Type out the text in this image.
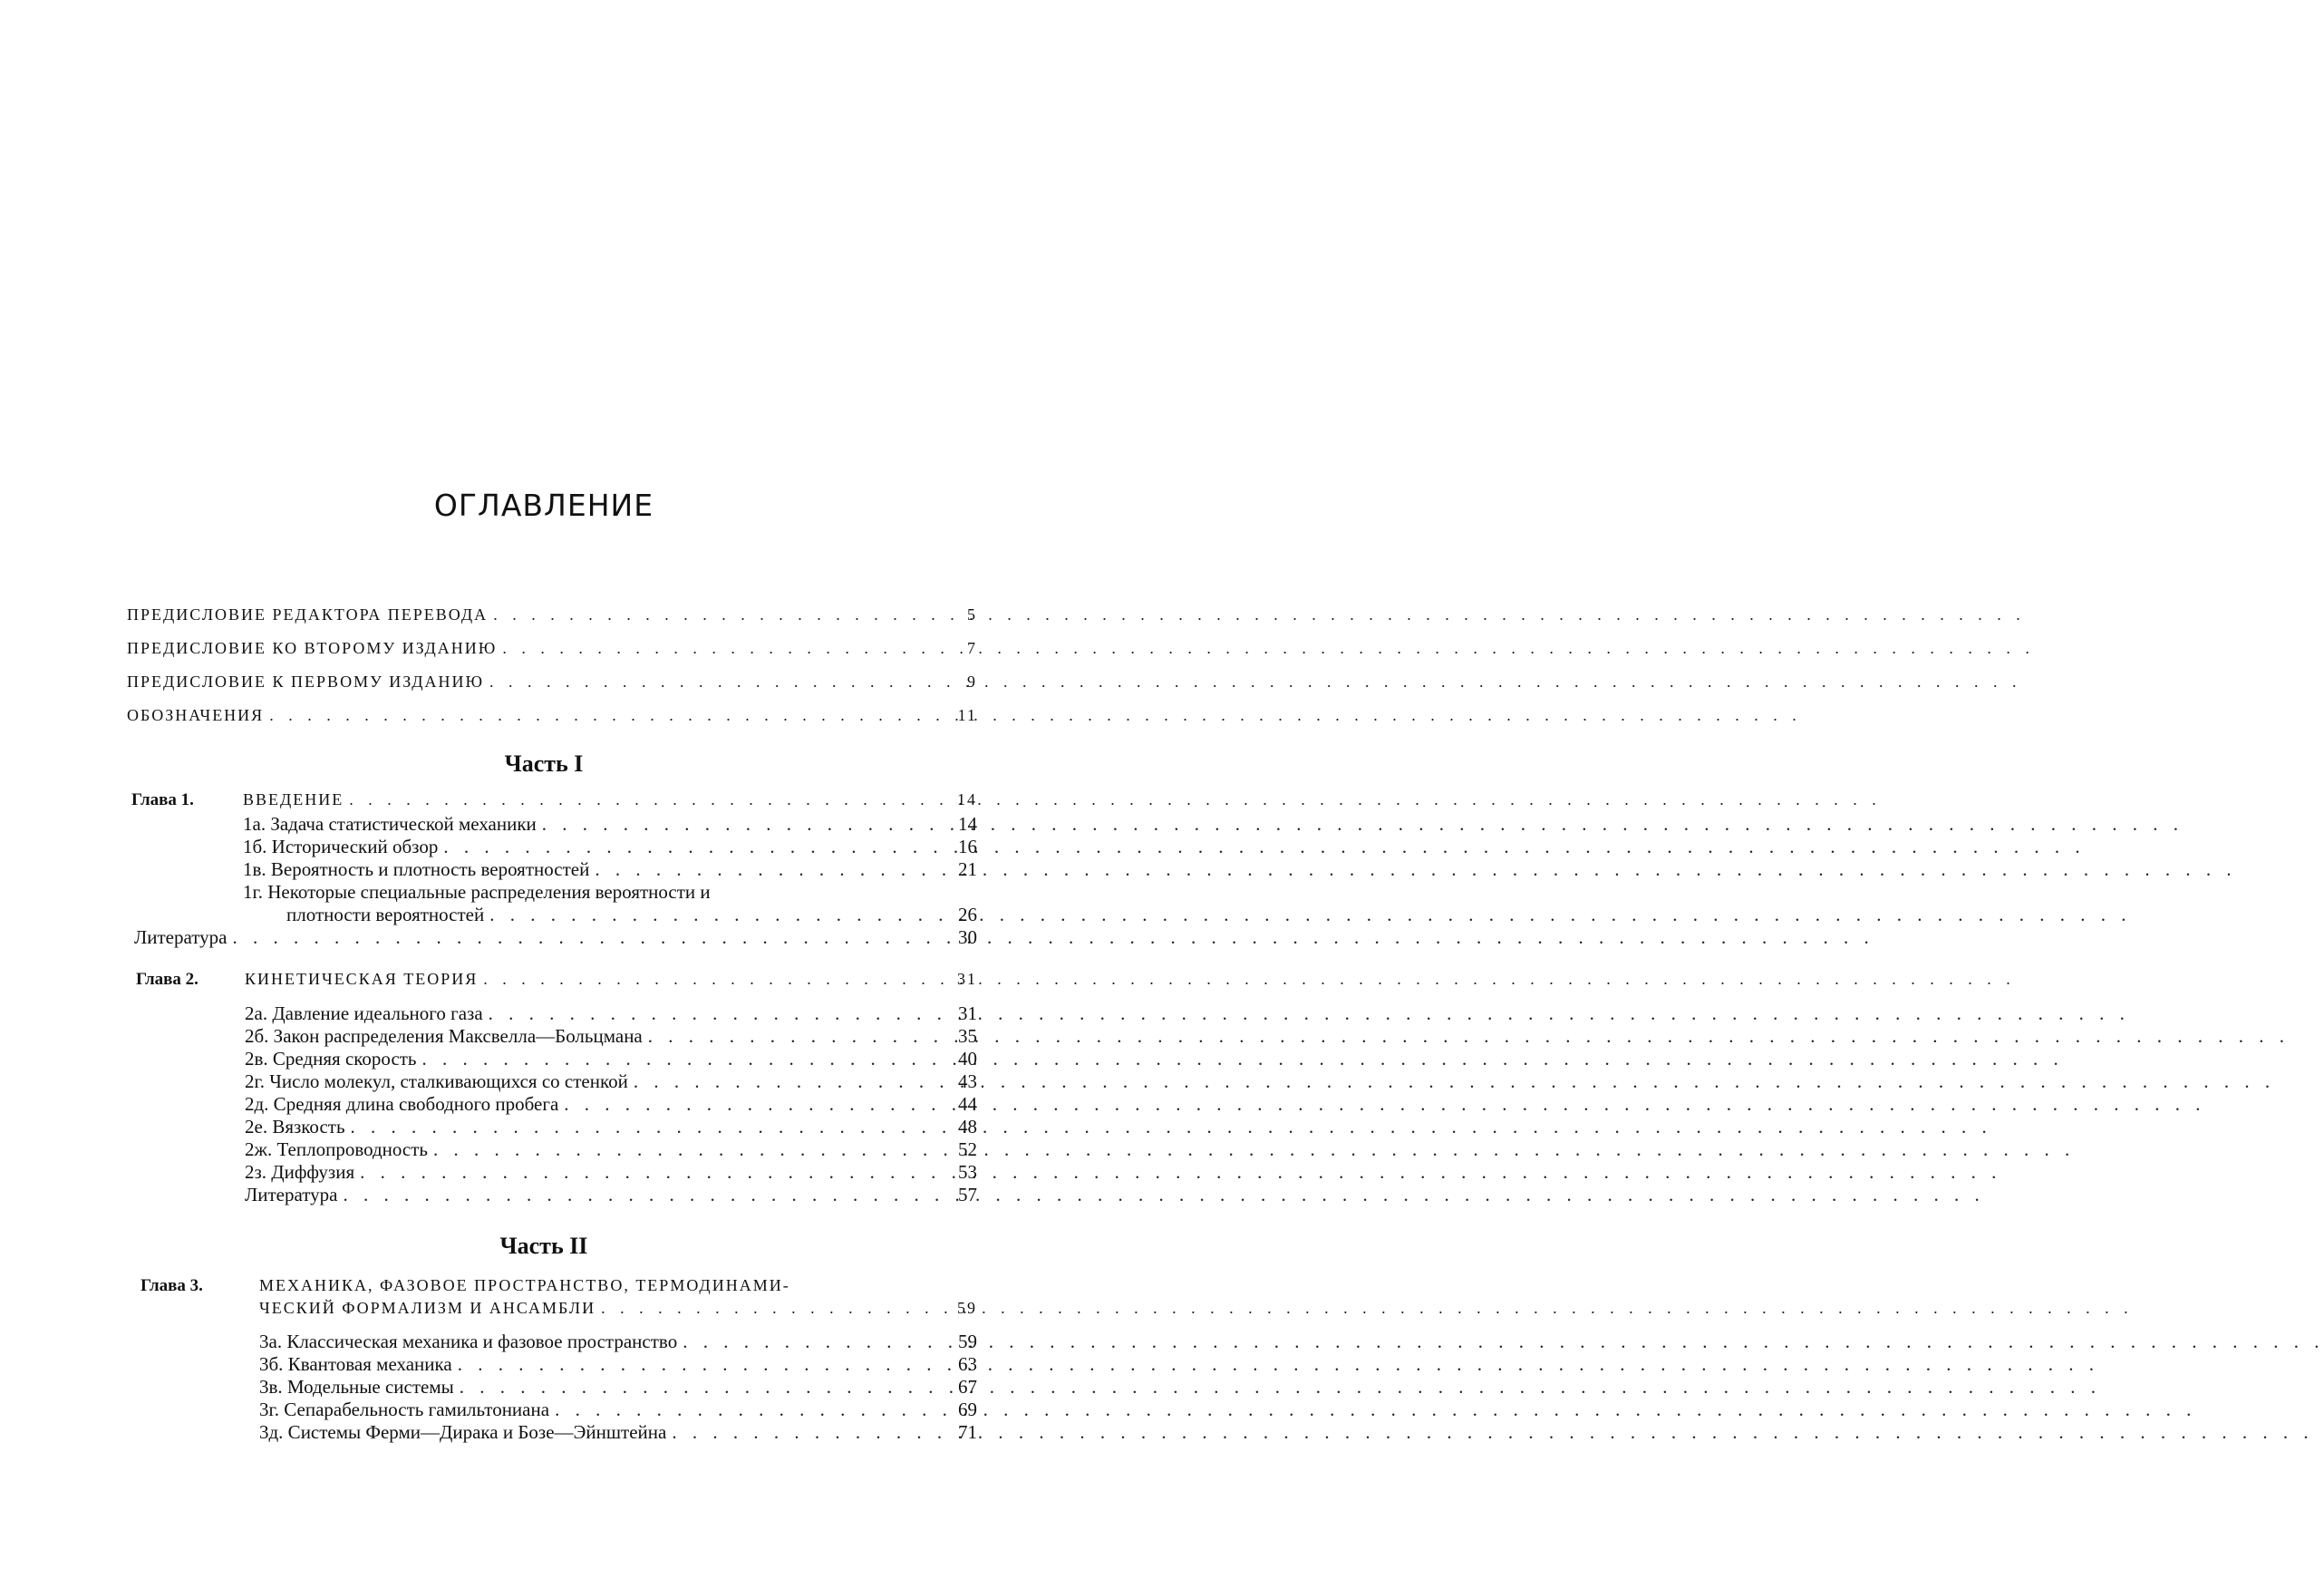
ОГЛАВЛЕНИЕ
ПРЕДИСЛОВИЕ РЕДАКТОРА ПЕРЕВОДА . . .	5
ПРЕДИСЛОВИЕ КО ВТОРОМУ ИЗДАНИЮ . . .	7
ПРЕДИСЛОВИЕ К ПЕРВОМУ ИЗДАНИЮ . . .	9
ОБОЗНАЧЕНИЯ . . .	11
Часть I
Глава 1.	ВВЕДЕНИЕ . . .	14
1а. Задача статистической механики . . .	14
1б. Исторический обзор . . .	16
1в. Вероятность и плотность вероятностей . . .	21
1г. Некоторые специальные распределения вероятности и
плотности вероятностей . . .	26
Литература . . .	30
Глава 2.	КИНЕТИЧЕСКАЯ ТЕОРИЯ . . .	31
2а. Давление идеального газа . . .	31
2б. Закон распределения Максвелла—Больцмана . . .	35
2в. Средняя скорость . . .	40
2г. Число молекул, сталкивающихся со стенкой . . .	43
2д. Средняя длина свободного пробега . . .	44
2е. Вязкость . . .	48
2ж. Теплопроводность . . .	52
2з. Диффузия . . .	53
Литература . . .	57
Часть II
Глава 3.	МЕХАНИКА, ФАЗОВОЕ ПРОСТРАНСТВО, ТЕРМОДИНАМИ-
ЧЕСКИЙ ФОРМАЛИЗМ И АНСАМБЛИ . . .	59
3а. Классическая механика и фазовое пространство . . .	59
3б. Квантовая механика . . .	63
3в. Модельные системы . . .	67
3г. Сепарабельность гамильтониана . . .	69
3д. Системы Ферми—Дирака и Бозе—Эйнштейна . . .	71
